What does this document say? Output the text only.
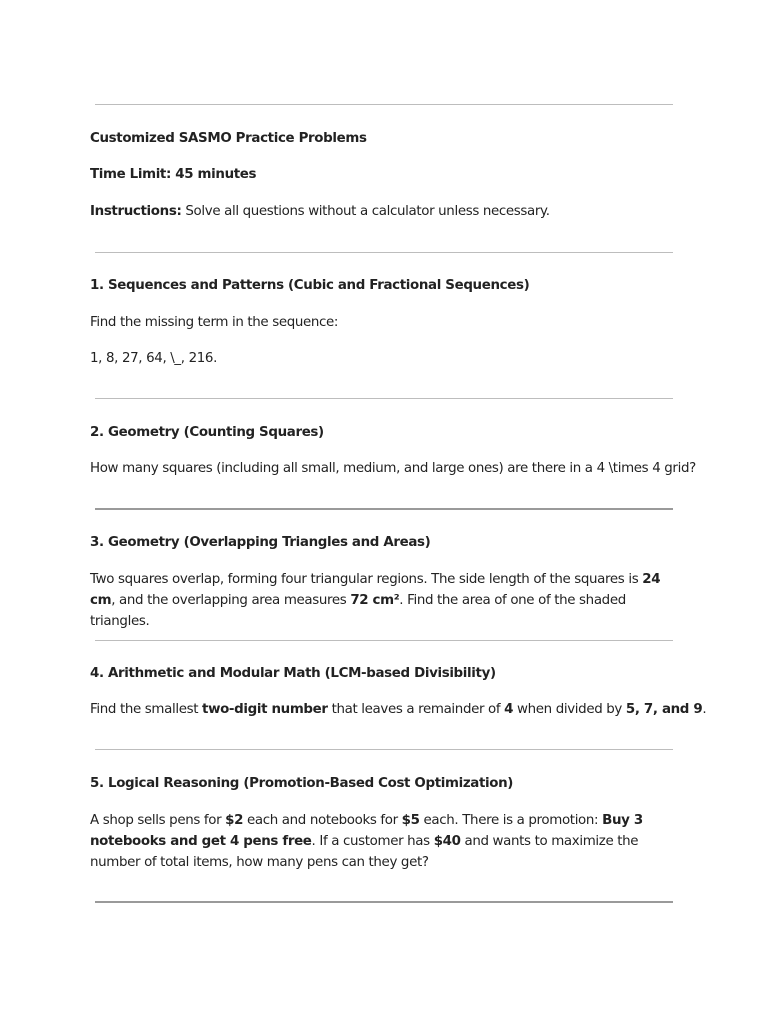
Customized SASMO Practice Problems
Time Limit: 45 minutes
Instructions: Solve all questions without a calculator unless necessary.
1. Sequences and Patterns (Cubic and Fractional Sequences)
Find the missing term in the sequence:
1, 8, 27, 64, \_, 216.
2. Geometry (Counting Squares)
How many squares (including all small, medium, and large ones) are there in a 4 \times 4 grid?
3. Geometry (Overlapping Triangles and Areas)
Two squares overlap, forming four triangular regions. The side length of the squares is 24 cm, and the overlapping area measures 72 cm². Find the area of one of the shaded triangles.
4. Arithmetic and Modular Math (LCM-based Divisibility)
Find the smallest two-digit number that leaves a remainder of 4 when divided by 5, 7, and 9.
5. Logical Reasoning (Promotion-Based Cost Optimization)
A shop sells pens for $2 each and notebooks for $5 each. There is a promotion: Buy 3 notebooks and get 4 pens free. If a customer has $40 and wants to maximize the number of total items, how many pens can they get?
